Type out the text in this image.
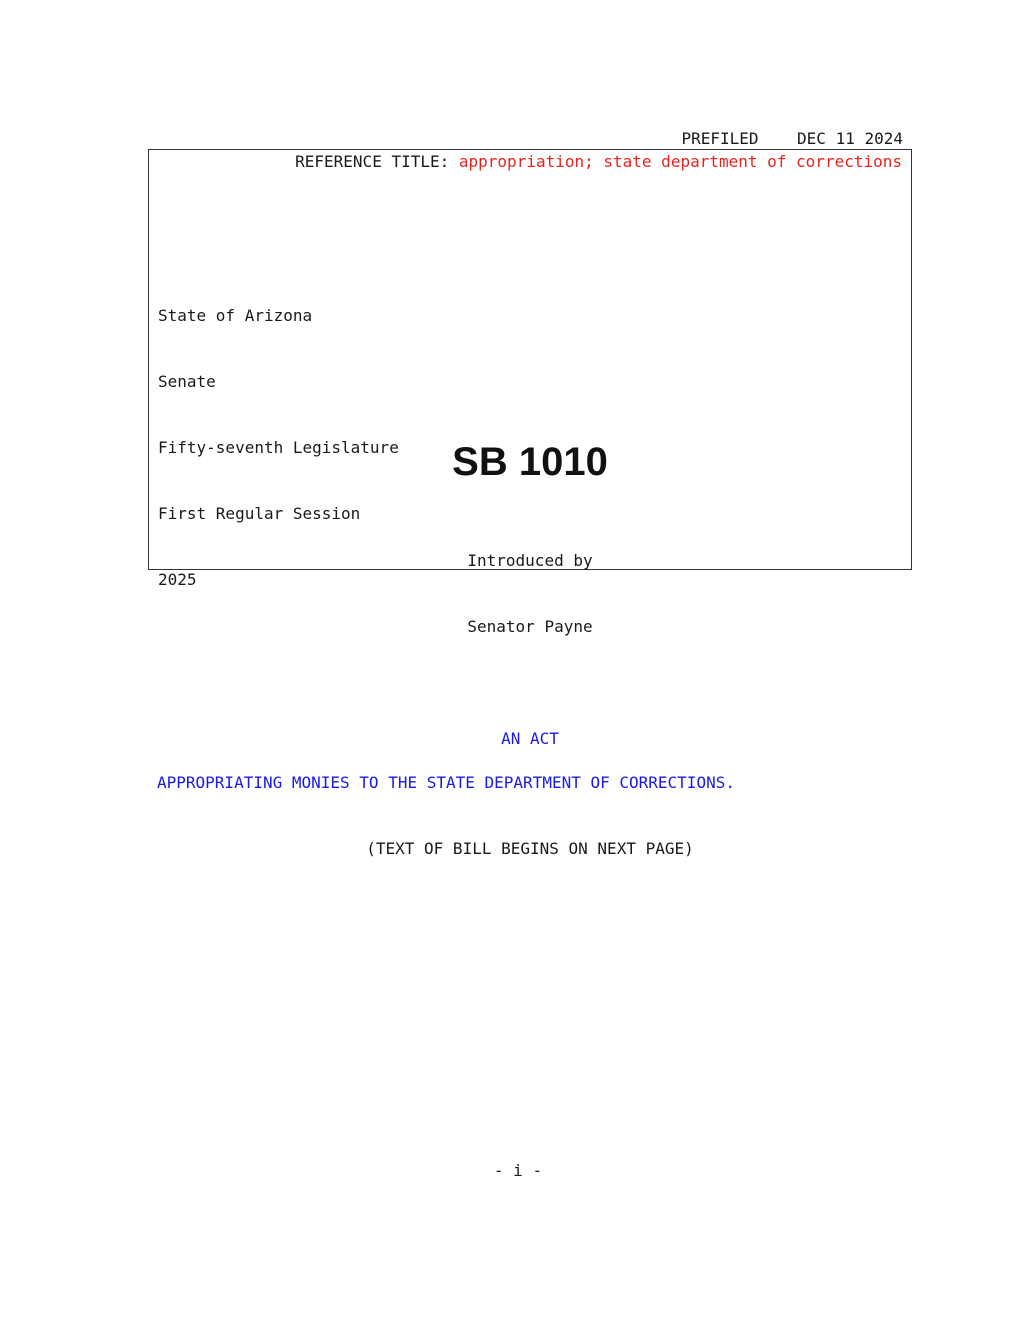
PREFILED DEC 11 2024
REFERENCE TITLE: appropriation; state department of corrections

State of Arizona

Senate

Fifty-seventh Legislature

First Regular Session

2025

SB 1010

Introduced by

Senator Payne

AN ACT
APPROPRIATING MONIES TO THE STATE DEPARTMENT OF CORRECTIONS.
(TEXT OF BILL BEGINS ON NEXT PAGE)
- i -
